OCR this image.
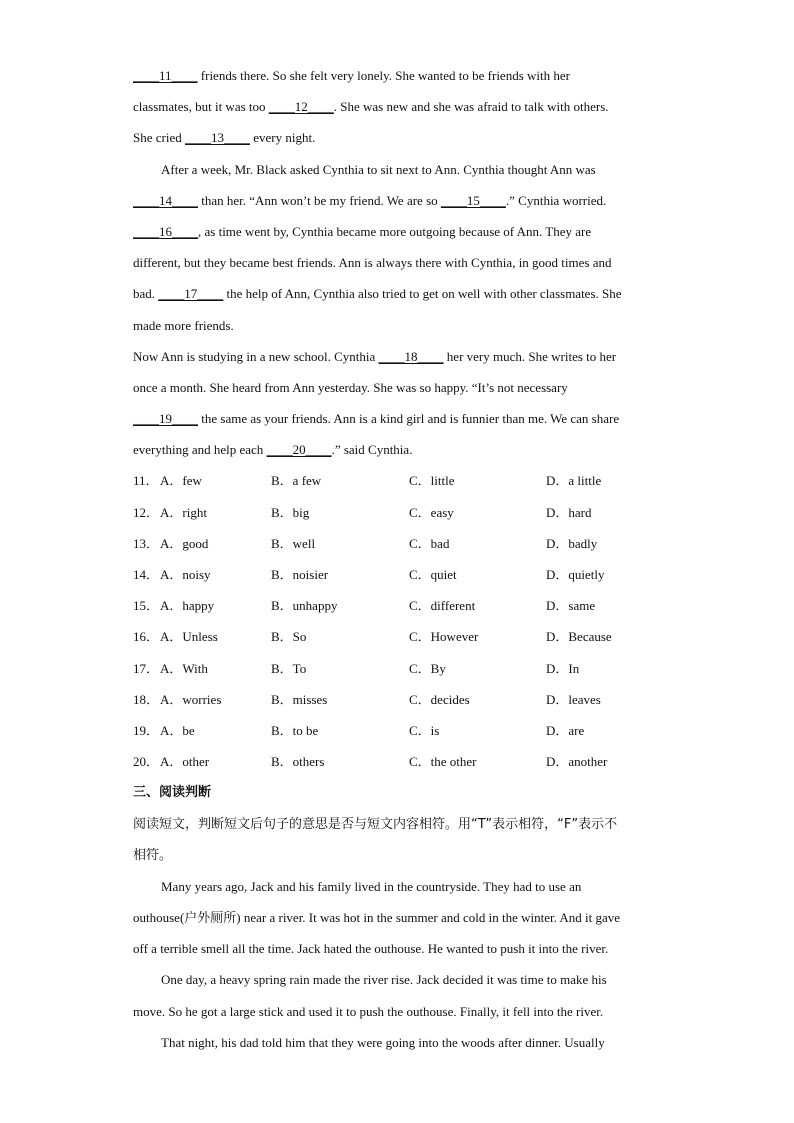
____11____ friends there. So she felt very lonely. She wanted to be friends with her
classmates, but it was too ____12____. She was new and she was afraid to talk with others.
She cried ____13____ every night.
After a week, Mr. Black asked Cynthia to sit next to Ann. Cynthia thought Ann was
____14____ than her. “Ann won’t be my friend. We are so ____15____.” Cynthia worried.
____16____, as time went by, Cynthia became more outgoing because of Ann. They are
different, but they became best friends. Ann is always there with Cynthia, in good times and
bad. ____17____ the help of Ann, Cynthia also tried to get on well with other classmates. She
made more friends.
Now Ann is studying in a new school. Cynthia ____18____ her very much. She writes to her
once a month. She heard from Ann yesterday. She was so happy. “It’s not necessary
____19____ the same as your friends. Ann is a kind girl and is funnier than me. We can share
everything and help each ____20____.” said Cynthia.
11． A．few	B．a few	C．little	D．a little
12． A．right	B．big	C．easy	D．hard
13． A．good	B．well	C．bad	D．badly
14． A．noisy	B．noisier	C．quiet	D．quietly
15． A．happy	B．unhappy	C．different	D．same
16． A．Unless	B．So	C．However	D．Because
17． A．With	B．To	C．By	D．In
18． A．worries	B．misses	C．decides	D．leaves
19． A．be	B．to be	C．is	D．are
20． A．other	B．others	C．the other	D．another
三、阅读判断
阅读短文，判断短文后句子的意思是否与短文内容相符。用“T”表示相符，“F”表示不
相符。
Many years ago, Jack and his family lived in the countryside. They had to use an
outhouse(户外厕所) near a river. It was hot in the summer and cold in the winter. And it gave
off a terrible smell all the time. Jack hated the outhouse. He wanted to push it into the river.
One day, a heavy spring rain made the river rise. Jack decided it was time to make his
move. So he got a large stick and used it to push the outhouse. Finally, it fell into the river.
That night, his dad told him that they were going into the woods after dinner. Usually
